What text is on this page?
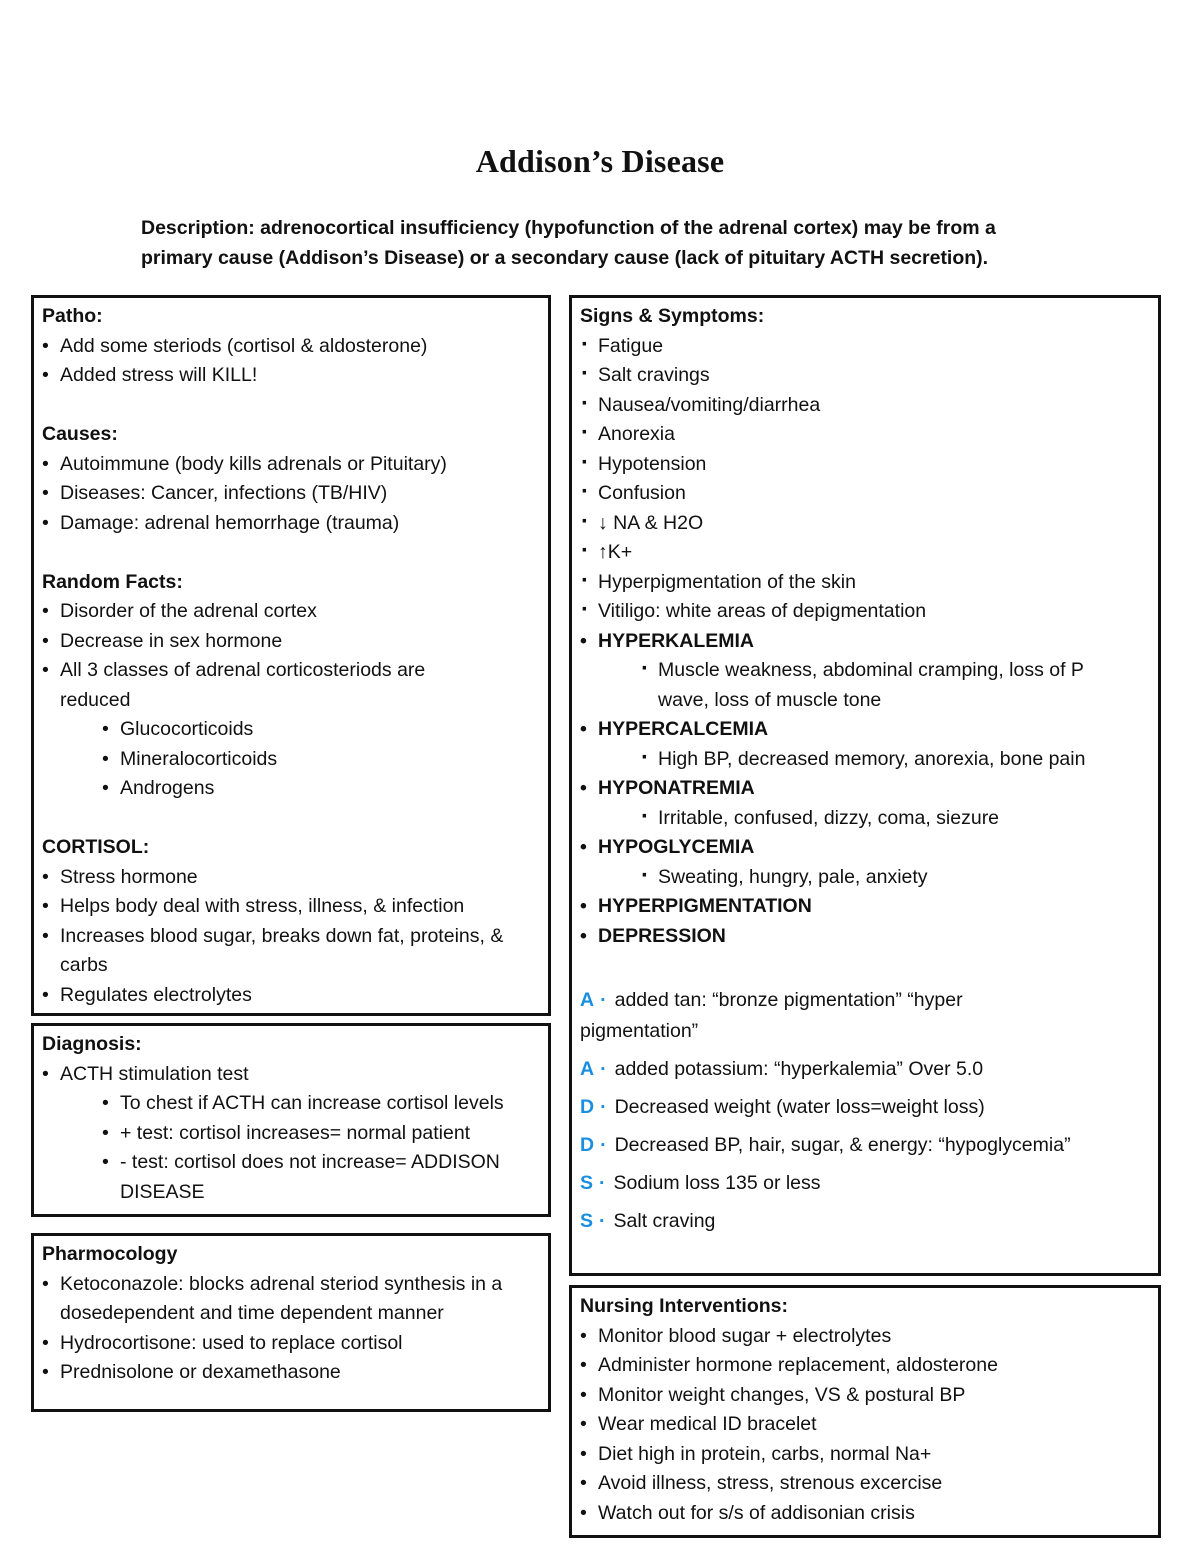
Addison’s Disease

Description: adrenocortical insufficiency (hypofunction of the adrenal cortex) may be from a primary cause (Addison’s Disease) or a secondary cause (lack of pituitary ACTH secretion).

Patho:
• Add some steriods (cortisol & aldosterone)
• Added stress will KILL!
Causes:
• Autoimmune (body kills adrenals or Pituitary)
• Diseases: Cancer, infections (TB/HIV)
• Damage: adrenal hemorrhage (trauma)
Random Facts:
• Disorder of the adrenal cortex
• Decrease in sex hormone
• All 3 classes of adrenal corticosteriods are reduced
• Glucocorticoids
• Mineralocorticoids
• Androgens
CORTISOL:
• Stress hormone
• Helps body deal with stress, illness, & infection
• Increases blood sugar, breaks down fat, proteins, & carbs
• Regulates electrolytes
Diagnosis:
• ACTH stimulation test
• To chest if ACTH can increase cortisol levels
• + test: cortisol increases= normal patient
• - test: cortisol does not increase= ADDISON DISEASE
Pharmocology
• Ketoconazole: blocks adrenal steriod synthesis in a dosedependent and time dependent manner
• Hydrocortisone: used to replace cortisol
• Prednisolone or dexamethasone
Signs & Symptoms:
· Fatigue
· Salt cravings
· Nausea/vomiting/diarrhea
· Anorexia
· Hypotension
· Confusion
· ↓ NA & H2O
· ↑K+
· Hyperpigmentation of the skin
· Vitiligo: white areas of depigmentation
• HYPERKALEMIA
· Muscle weakness, abdominal cramping, loss of P wave, loss of muscle tone
• HYPERCALCEMIA
· High BP, decreased memory, anorexia, bone pain
• HYPONATREMIA
· Irritable, confused, dizzy, coma, siezure
• HYPOGLYCEMIA
· Sweating, hungry, pale, anxiety
• HYPERPIGMENTATION
• DEPRESSION
A · added tan: “bronze pigmentation” “hyper pigmentation”
A · added potassium: “hyperkalemia” Over 5.0
D · Decreased weight (water loss=weight loss)
D · Decreased BP, hair, sugar, & energy: “hypoglycemia”
S · Sodium loss 135 or less
S · Salt craving
Nursing Interventions:
• Monitor blood sugar + electrolytes
• Administer hormone replacement, aldosterone
• Monitor weight changes, VS & postural BP
• Wear medical ID bracelet
• Diet high in protein, carbs, normal Na+
• Avoid illness, stress, strenous excercise
• Watch out for s/s of addisonian crisis
